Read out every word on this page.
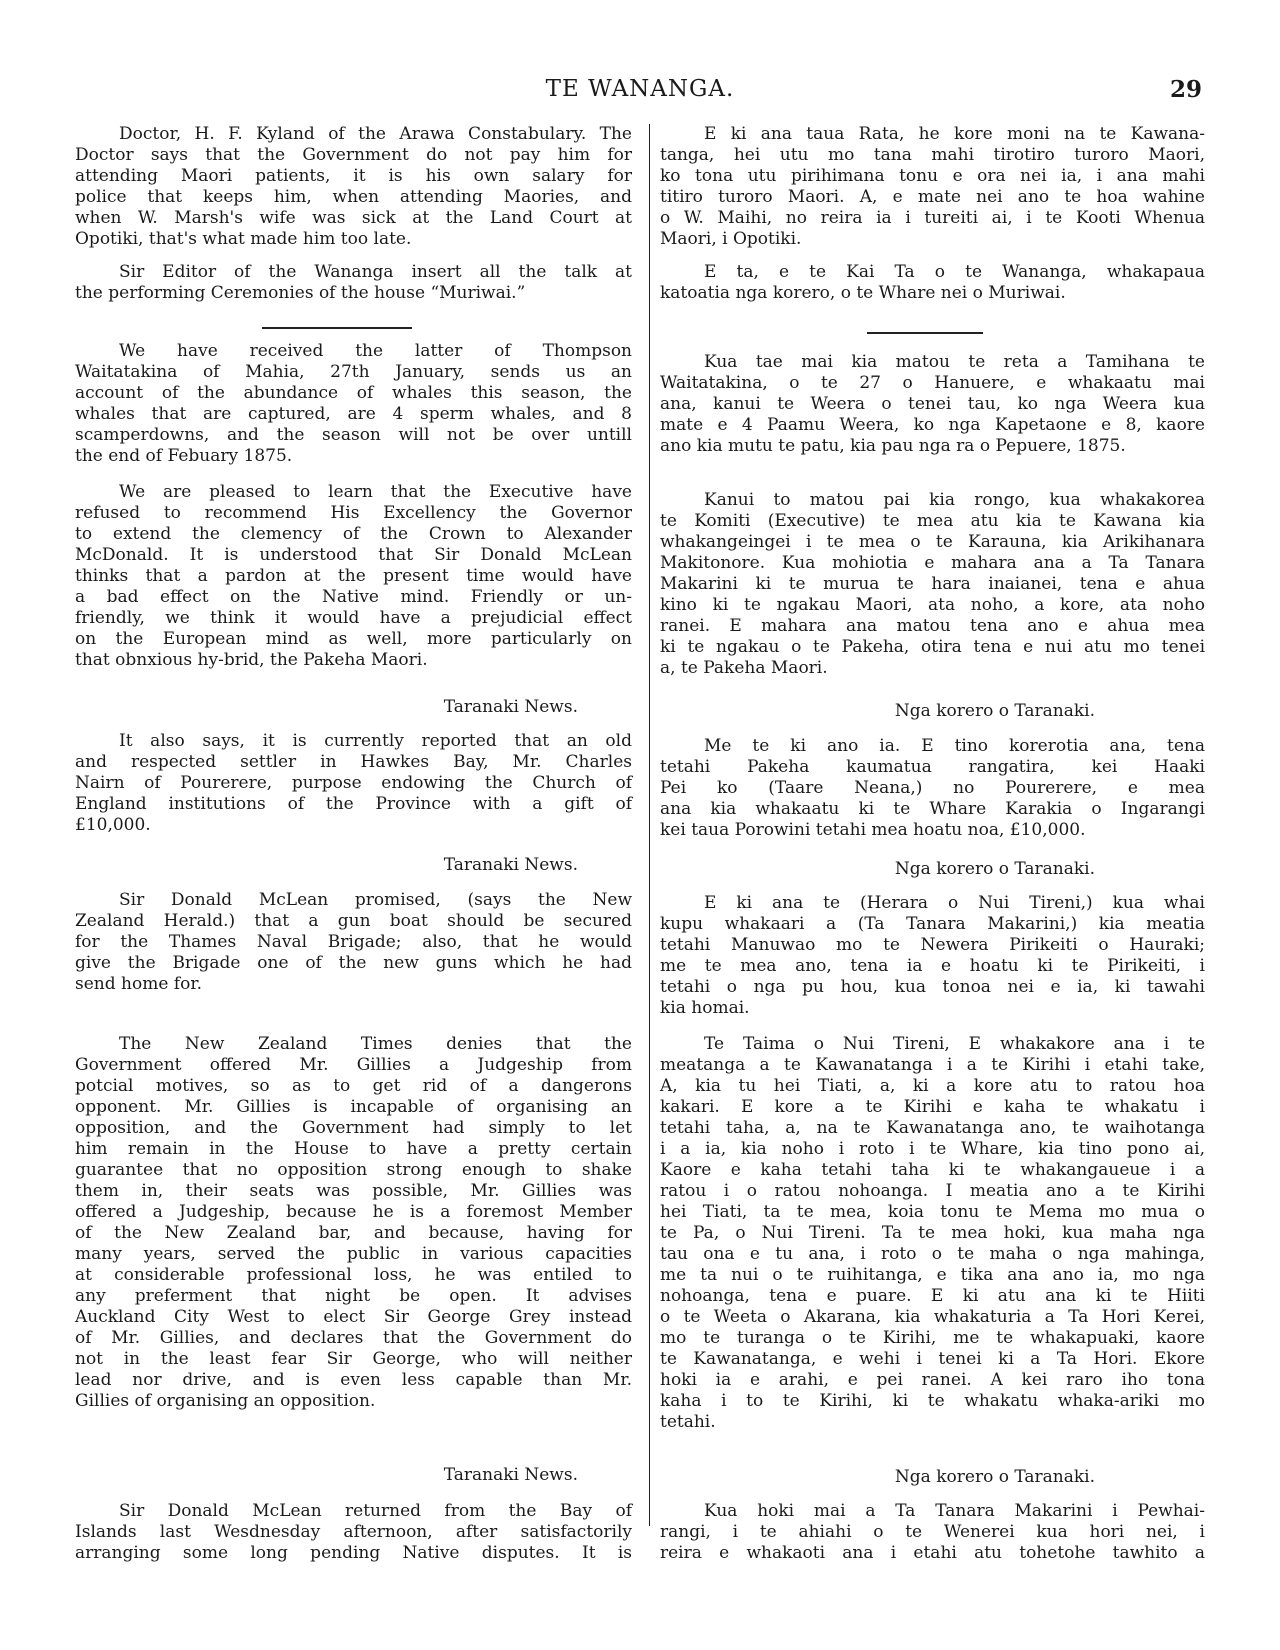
TE WANANGA.	29
Doctor, H. F. Kyland of the Arawa Constabulary. The
Doctor says that the Government do not pay him for
attending Maori patients, it is his own salary for
police that keeps him, when attending Maories, and
when W. Marsh's wife was sick at the Land Court at
Opotiki, that's what made him too late.
Sir Editor of the Wananga insert all the talk at
the performing Ceremonies of the house “Muriwai.”
We have received the latter of Thompson
Waitatakina of Mahia, 27th January, sends us an
account of the abundance of whales this season, the
whales that are captured, are 4 sperm whales, and 8
scamperdowns, and the season will not be over untill
the end of Febuary 1875.
We are pleased to learn that the Executive have
refused to recommend His Excellency the Governor
to extend the clemency of the Crown to Alexander
McDonald. It is understood that Sir Donald McLean
thinks that a pardon at the present time would have
a bad effect on the Native mind. Friendly or un-
friendly, we think it would have a prejudicial effect
on the European mind as well, more particularly on
that obnxious hy-brid, the Pakeha Maori.
Taranaki News.
It also says, it is currently reported that an old
and respected settler in Hawkes Bay, Mr. Charles
Nairn of Pourerere, purpose endowing the Church of
England institutions of the Province with a gift of
£10,000.
Taranaki News.
Sir Donald McLean promised, (says the New
Zealand Herald.) that a gun boat should be secured
for the Thames Naval Brigade; also, that he would
give the Brigade one of the new guns which he had
send home for.
The New Zealand Times denies that the
Government offered Mr. Gillies a Judgeship from
potcial motives, so as to get rid of a dangerons
opponent. Mr. Gillies is incapable of organising an
opposition, and the Government had simply to let
him remain in the House to have a pretty certain
guarantee that no opposition strong enough to shake
them in, their seats was possible, Mr. Gillies was
offered a Judgeship, because he is a foremost Member
of the New Zealand bar, and because, having for
many years, served the public in various capacities
at considerable professional loss, he was entiled to
any preferment that night be open. It advises
Auckland City West to elect Sir George Grey instead
of Mr. Gillies, and declares that the Government do
not in the least fear Sir George, who will neither
lead nor drive, and is even less capable than Mr.
Gillies of organising an opposition.
Taranaki News.
Sir Donald McLean returned from the Bay of
Islands last Wesdnesday afternoon, after satisfactorily
arranging some long pending Native disputes. It is
E ki ana taua Rata, he kore moni na te Kawana-
tanga, hei utu mo tana mahi tirotiro turoro Maori,
ko tona utu pirihimana tonu e ora nei ia, i ana mahi
titiro turoro Maori. A, e mate nei ano te hoa wahine
o W. Maihi, no reira ia i tureiti ai, i te Kooti Whenua
Maori, i Opotiki.
E ta, e te Kai Ta o te Wananga, whakapaua
katoatia nga korero, o te Whare nei o Muriwai.
Kua tae mai kia matou te reta a Tamihana te
Waitatakina, o te 27 o Hanuere, e whakaatu mai
ana, kanui te Weera o tenei tau, ko nga Weera kua
mate e 4 Paamu Weera, ko nga Kapetaone e 8, kaore
ano kia mutu te patu, kia pau nga ra o Pepuere, 1875.
Kanui to matou pai kia rongo, kua whakakorea
te Komiti (Executive) te mea atu kia te Kawana kia
whakangeingei i te mea o te Karauna, kia Arikihanara
Makitonore. Kua mohiotia e mahara ana a Ta Tanara
Makarini ki te murua te hara inaianei, tena e ahua
kino ki te ngakau Maori, ata noho, a kore, ata noho
ranei. E mahara ana matou tena ano e ahua mea
ki te ngakau o te Pakeha, otira tena e nui atu mo tenei
a, te Pakeha Maori.
Nga korero o Taranaki.
Me te ki ano ia. E tino korerotia ana, tena
tetahi Pakeha kaumatua rangatira, kei Haaki
Pei ko (Taare Neana,) no Pourerere, e mea
ana kia whakaatu ki te Whare Karakia o Ingarangi
kei taua Porowini tetahi mea hoatu noa, £10,000.
Nga korero o Taranaki.
E ki ana te (Herara o Nui Tireni,) kua whai
kupu whakaari a (Ta Tanara Makarini,) kia meatia
tetahi Manuwao mo te Newera Pirikeiti o Hauraki;
me te mea ano, tena ia e hoatu ki te Pirikeiti, i
tetahi o nga pu hou, kua tonoa nei e ia, ki tawahi
kia homai.
Te Taima o Nui Tireni, E whakakore ana i te
meatanga a te Kawanatanga i a te Kirihi i etahi take,
A, kia tu hei Tiati, a, ki a kore atu to ratou hoa
kakari. E kore a te Kirihi e kaha te whakatu i
tetahi taha, a, na te Kawanatanga ano, te waihotanga
i a ia, kia noho i roto i te Whare, kia tino pono ai,
Kaore e kaha tetahi taha ki te whakangaueue i a
ratou i o ratou nohoanga. I meatia ano a te Kirihi
hei Tiati, ta te mea, koia tonu te Mema mo mua o
te Pa, o Nui Tireni. Ta te mea hoki, kua maha nga
tau ona e tu ana, i roto o te maha o nga mahinga,
me ta nui o te ruihitanga, e tika ana ano ia, mo nga
nohoanga, tena e puare. E ki atu ana ki te Hiiti
o te Weeta o Akarana, kia whakaturia a Ta Hori Kerei,
mo te turanga o te Kirihi, me te whakapuaki, kaore
te Kawanatanga, e wehi i tenei ki a Ta Hori. Ekore
hoki ia e arahi, e pei ranei. A kei raro iho tona
kaha i to te Kirihi, ki te whakatu whaka-ariki mo
tetahi.
Nga korero o Taranaki.
Kua hoki mai a Ta Tanara Makarini i Pewhai-
rangi, i te ahiahi o te Wenerei kua hori nei, i
reira e whakaoti ana i etahi atu tohetohe tawhito a
